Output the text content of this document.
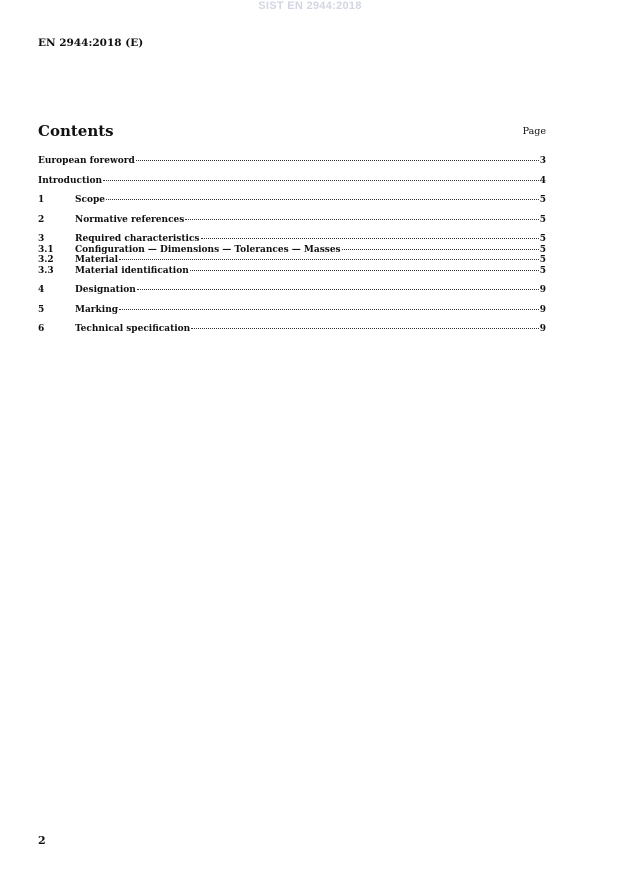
SIST EN 2944:2018
EN 2944:2018 (E)
Contents	Page
European foreword	3
Introduction	4
1	Scope	5
2	Normative references	5
3	Required characteristics	5
3.1	Configuration — Dimensions — Tolerances — Masses	5
3.2	Material	5
3.3	Material identification	5
4	Designation	9
5	Marking	9
6	Technical specification	9
2
